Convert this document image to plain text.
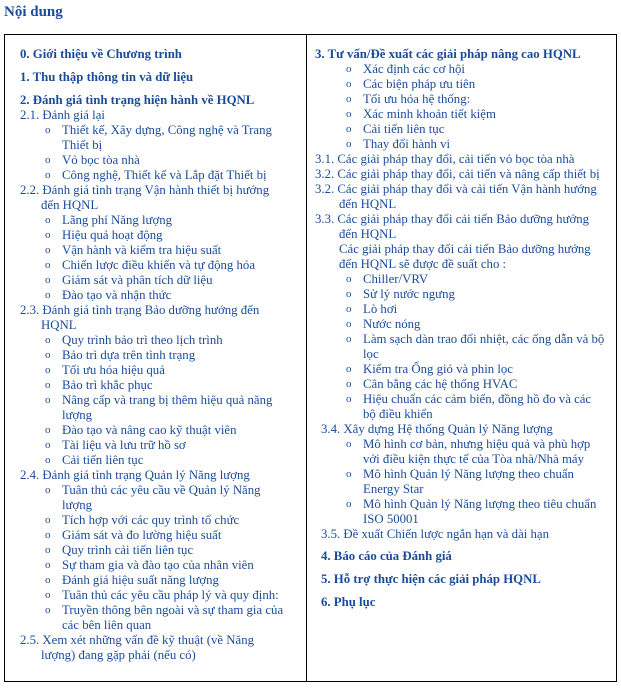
Nội dung
0. Giới thiệu về Chương trình
1. Thu thập thông tin và dữ liệu
2. Đánh giá tình trạng hiện hành về HQNL
2.1. Đánh giá lại
o Thiết kế, Xây dựng, Công nghệ và Trang
Thiết bị
o Vỏ bọc tòa nhà
o Công nghệ, Thiết kế và Lắp đặt Thiết bị
2.2. Đánh giá tình trạng Vận hành thiết bị hướng
đến HQNL
o Lãng phí Năng lượng
o Hiệu quả hoạt động
o Vận hành và kiểm tra hiệu suất
o Chiến lược điều khiển và tự động hóa
o Giám sát và phân tích dữ liệu
o Đào tạo và nhận thức
2.3. Đánh giá tình trạng Bảo dưỡng hướng đến
HQNL
o Quy trình bảo trì theo lịch trình
o Bảo trì dựa trên tình trạng
o Tối ưu hóa hiệu quả
o Bảo trì khắc phục
o Nâng cấp và trang bị thêm hiệu quả năng
lượng
o Đào tạo và nâng cao kỹ thuật viên
o Tài liệu và lưu trữ hồ sơ
o Cải tiến liên tục
2.4. Đánh giá tình trạng Quản lý Năng lượng
o Tuân thủ các yêu cầu về Quản lý Năng
lượng
o Tích hợp với các quy trình tổ chức
o Giám sát và đo lường hiệu suất
o Quy trình cải tiến liên tục
o Sự tham gia và đào tạo của nhân viên
o Đánh giá hiệu suất năng lượng
o Tuân thủ các yêu cầu pháp lý và quy định:
o Truyền thông bên ngoài và sự tham gia của
các bên liên quan
2.5. Xem xét những vấn đề kỹ thuật (về Năng
lượng) đang gặp phải (nếu có)
3. Tư vấn/Đề xuất các giải pháp nâng cao HQNL
o Xác định các cơ hội
o Các biện pháp ưu tiên
o Tối ưu hóa hệ thống:
o Xác minh khoản tiết kiệm
o Cải tiến liên tục
o Thay đổi hành vi
3.1. Các giải pháp thay đổi, cải tiến vỏ bọc tòa nhà
3.2. Các giải pháp thay đổi, cải tiến và nâng cấp thiết bị
3.2. Các giải pháp thay đổi và cải tiến Vận hành hướng
đến HQNL
3.3. Các giải pháp thay đổi cải tiến Bảo dưỡng hướng
đến HQNL
Các giải pháp thay đổi cải tiến Bảo dưỡng hướng
đến HQNL sẽ được đề suất cho :
o Chiller/VRV
o Sử lý nước ngưng
o Lò hơi
o Nước nóng
o Làm sạch dàn trao đổi nhiệt, các ống dẫn và bộ
lọc
o Kiểm tra Ống gió và phin lọc
o Cân bằng các hệ thống HVAC
o Hiệu chuẩn các cảm biến, đồng hồ đo và các
bộ điều khiển
3.4. Xây dựng Hệ thống Quản lý Năng lượng
o Mô hình cơ bản, nhưng hiệu quả và phù hợp
với điều kiện thực tế của Tòa nhà/Nhà máy
o Mô hình Quản lý Năng lượng theo chuẩn
Energy Star
o Mô hình Quản lý Năng lượng theo tiêu chuẩn
ISO 50001
3.5. Đề xuất Chiến lược ngắn hạn và dài hạn
4. Báo cáo của Đánh giá
5. Hỗ trợ thực hiện các giải pháp HQNL
6. Phụ lục
